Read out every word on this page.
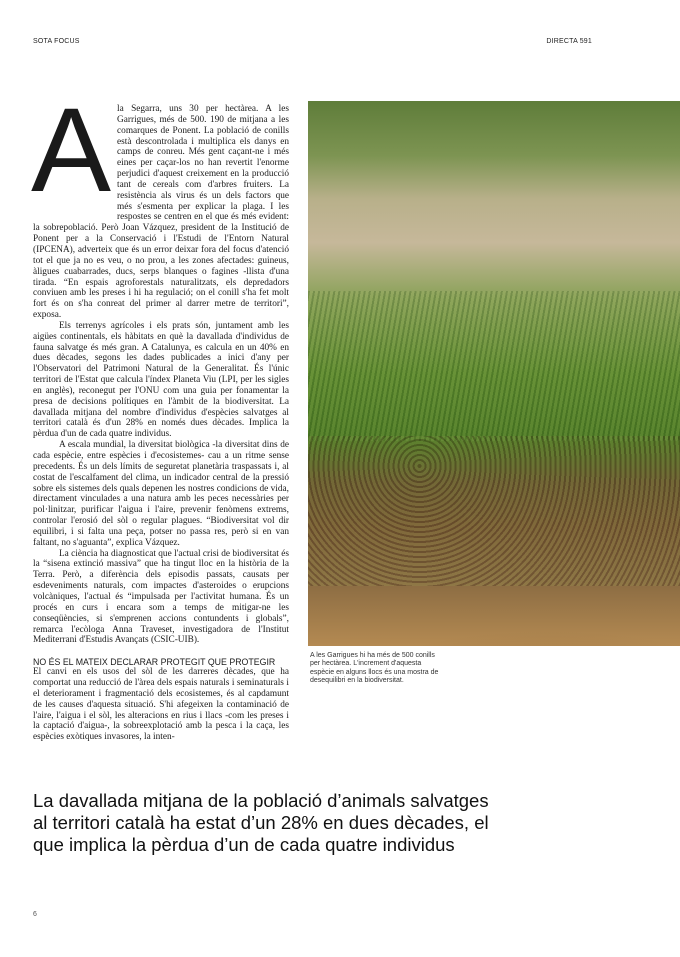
SOTA FOCUS	DIRECTA 591
A la Segarra, uns 30 per hectàrea. A les Garrigues, més de 500. 190 de mitjana a les comarques de Ponent. La població de conills està descontrolada i multiplica els danys en camps de conreu. Més gent caçant-ne i més eines per caçar-los no han revertit l'enorme perjudici d'aquest creixement en la producció tant de cereals com d'arbres fruiters. La resistència als virus és un dels factors que més s'esmenta per explicar la plaga. I les respostes se centren en el que és més evident: la sobrepoblació. Però Joan Vázquez, president de la Institució de Ponent per a la Conservació i l'Estudi de l'Entorn Natural (IPCENA), adverteix que és un error deixar fora del focus d'atenció tot el que ja no es veu, o no prou, a les zones afectades: guineus, àligues cuabarrades, ducs, serps blanques o fagines -llista d'una tirada. “En espais agroforestals naturalitzats, els depredadors conviuen amb les preses i hi ha regulació; on el conill s'ha fet molt fort és on s'ha conreat del primer al darrer metre de territori”, exposa.

Els terrenys agrícoles i els prats són, juntament amb les aigües continentals, els hàbitats en què la davallada d'individus de fauna salvatge és més gran. A Catalunya, es calcula en un 40% en dues dècades, segons les dades publicades a inici d'any per l'Observatori del Patrimoni Natural de la Generalitat. És l'únic territori de l'Estat que calcula l'índex Planeta Viu (LPI, per les sigles en anglès), reconegut per l'ONU com una guia per fonamentar la presa de decisions polítiques en l'àmbit de la biodiversitat. La davallada mitjana del nombre d'individus d'espècies salvatges al territori català és d'un 28% en només dues dècades. Implica la pèrdua d'un de cada quatre individus.

A escala mundial, la diversitat biològica -la diversitat dins de cada espècie, entre espècies i d'ecosistemes- cau a un ritme sense precedents. És un dels límits de seguretat planetària traspassats i, al costat de l'escalfament del clima, un indicador central de la pressió sobre els sistemes dels quals depenen les nostres condicions de vida, directament vinculades a una natura amb les peces necessàries per pol·linitzar, purificar l'aigua i l'aire, prevenir fenòmens extrems, controlar l'erosió del sòl o regular plagues. “Biodiversitat vol dir equilibri, i si falta una peça, potser no passa res, però si en van faltant, no s'aguanta”, explica Vázquez.

La ciència ha diagnosticat que l'actual crisi de biodiversitat és la “sisena extinció massiva” que ha tingut lloc en la història de la Terra. Però, a diferència dels episodis passats, causats per esdeveniments naturals, com impactes d'asteroides o erupcions volcàniques, l'actual és “impulsada per l'activitat humana. És un procés en curs i encara som a temps de mitigar-ne les conseqüències, si s'emprenen accions contundents i globals”, remarca l'ecòloga Anna Traveset, investigadora de l'Institut Mediterrani d'Estudis Avançats (CSIC-UIB).

NO ÉS EL MATEIX DECLARAR PROTEGIT QUE PROTEGIR

El canvi en els usos del sòl de les darreres dècades, que ha comportat una reducció de l'àrea dels espais naturals i seminaturals i el deteriorament i fragmentació dels ecosistemes, és al capdamunt de les causes d'aquesta situació. S'hi afegeixen la contaminació de l'aire, l'aigua i el sòl, les alteracions en rius i llacs -com les preses i la captació d'aigua-, la sobreexplotació amb la pesca i la caça, les espècies exòtiques invasores, la inten-

A les Garrigues hi ha més de 500 conills per hectàrea. L'increment d'aquesta espècie en alguns llocs és una mostra de desequilibri en la biodiversitat.
La davallada mitjana de la població d’animals salvatges al territori català ha estat d’un 28% en dues dècades, el que implica la pèrdua d’un de cada quatre individus
6
